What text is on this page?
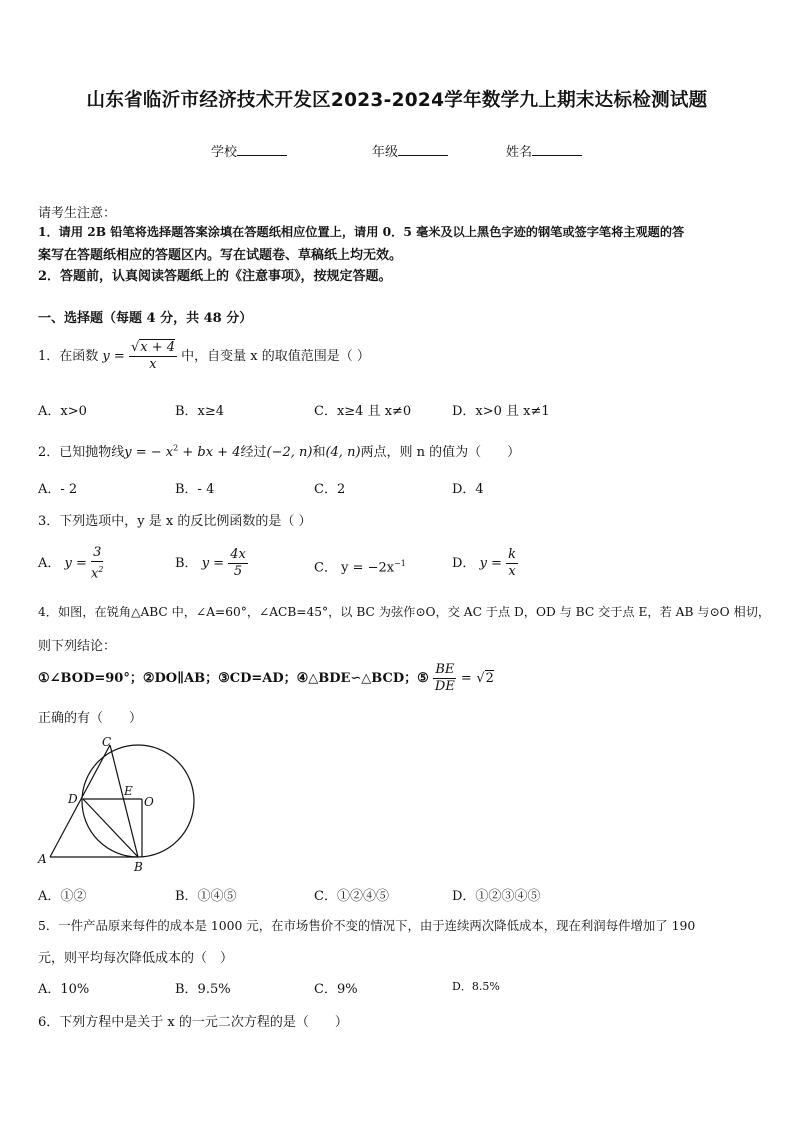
山东省临沂市经济技术开发区2023-2024学年数学九上期末达标检测试题
学校	年级	姓名
请考生注意：
1．请用 2B 铅笔将选择题答案涂填在答题纸相应位置上，请用 0．5 毫米及以上黑色字迹的钢笔或签字笔将主观题的答
案写在答题纸相应的答题区内。写在试题卷、草稿纸上均无效。
2．答题前，认真阅读答题纸上的《注意事项》，按规定答题。
一、选择题（每题 4 分，共 48 分）
1．在函数 $y = \frac{√x + 4}{x}$ 中，自变量 x 的取值范围是（ ）
A．x>0	B．x≥4	C．x≥4 且 x≠0	D．x>0 且 x≠1
2．已知抛物线y = − $x^2$ + bx + 4经过(−2, n)和(4, n)两点，则 n 的值为（　　）
A．- 2	B．- 4	C．2	D．4
3．下列选项中，y 是 x 的反比例函数的是（ ）
A． $y = \frac{3}{x^2}$	B． $y = \frac{4x}{5}$	C． $y = -2x^{-1}$	D． $y = \frac{k}{x}$
4．如图，在锐角△ABC 中，∠A=60°，∠ACB=45°，以 BC 为弦作⊙O，交 AC 于点 D，OD 与 BC 交于点 E，若 AB 与⊙O 相切，
则下列结论：
①∠BOD=90°；②DO∥AB；③CD=AD；④△BDE∽△BCD；⑤ $\frac{BE}{DE} = √2$
正确的有（　　）
C
D
E
O
A
B
A．①②	B．①④⑤	C．①②④⑤	D．①②③④⑤
5．一件产品原来每件的成本是 1000 元，在市场售价不变的情况下，由于连续两次降低成本，现在利润每件增加了 190
元，则平均每次降低成本的（　）
A．10%	B．9.5%	C．9%	D．8.5%
6．下列方程中是关于 x 的一元二次方程的是（　　）
